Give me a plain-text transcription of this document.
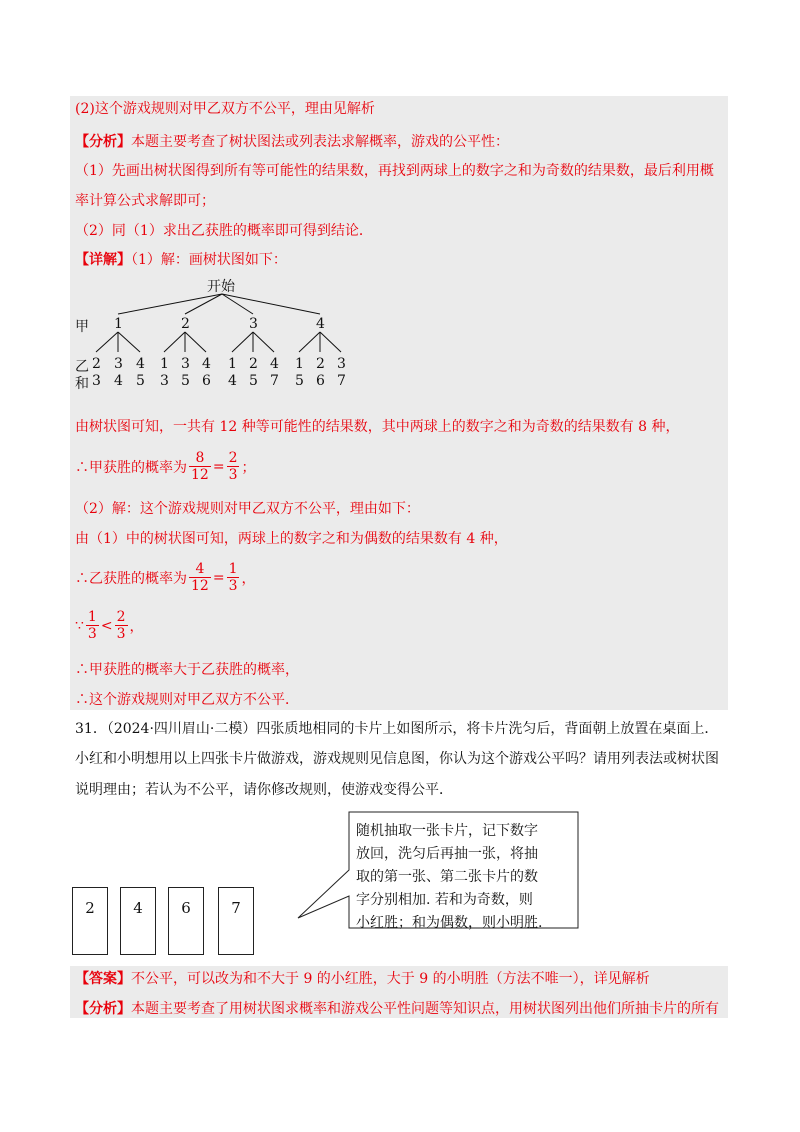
(2)这个游戏规则对甲乙双方不公平，理由见解析
【分析】本题主要考查了树状图法或列表法求解概率，游戏的公平性：
（1）先画出树状图得到所有等可能性的结果数，再找到两球上的数字之和为奇数的结果数，最后利用概
率计算公式求解即可；
（2）同（1）求出乙获胜的概率即可得到结论．
【详解】（1）解：画树状图如下：
开始
甲
乙
和
1	2	3	4
2 3 4 1 3 4 1 2 4 1 2 3
3 4 5 3 5 6 4 5 7 5 6 7
由树状图可知，一共有 12 种等可能性的结果数，其中两球上的数字之和为奇数的结果数有 8 种，
∴甲获胜的概率为 $\frac{8}{12} = \frac{2}{3}$ ；
（2）解：这个游戏规则对甲乙双方不公平，理由如下：
由（1）中的树状图可知，两球上的数字之和为偶数的结果数有 4 种，
∴乙获胜的概率为 $\frac{4}{12} = \frac{1}{3}$ ，
∵ $\frac{1}{3} < \frac{2}{3}$ ，
∴甲获胜的概率大于乙获胜的概率，
∴这个游戏规则对甲乙双方不公平．
31．（2024·四川眉山·二模）四张质地相同的卡片上如图所示，将卡片洗匀后，背面朝上放置在桌面上．
小红和小明想用以上四张卡片做游戏，游戏规则见信息图，你认为这个游戏公平吗？请用列表法或树状图
说明理由；若认为不公平，请你修改规则，使游戏变得公平．
2	4	6	7
随机抽取一张卡片，记下数字
放回，洗匀后再抽一张，将抽
取的第一张、第二张卡片的数
字分别相加. 若和为奇数，则
小红胜；和为偶数，则小明胜.
【答案】不公平，可以改为和不大于 9 的小红胜，大于 9 的小明胜（方法不唯一），详见解析
【分析】本题主要考查了用树状图求概率和游戏公平性问题等知识点，用树状图列出他们所抽卡片的所有
